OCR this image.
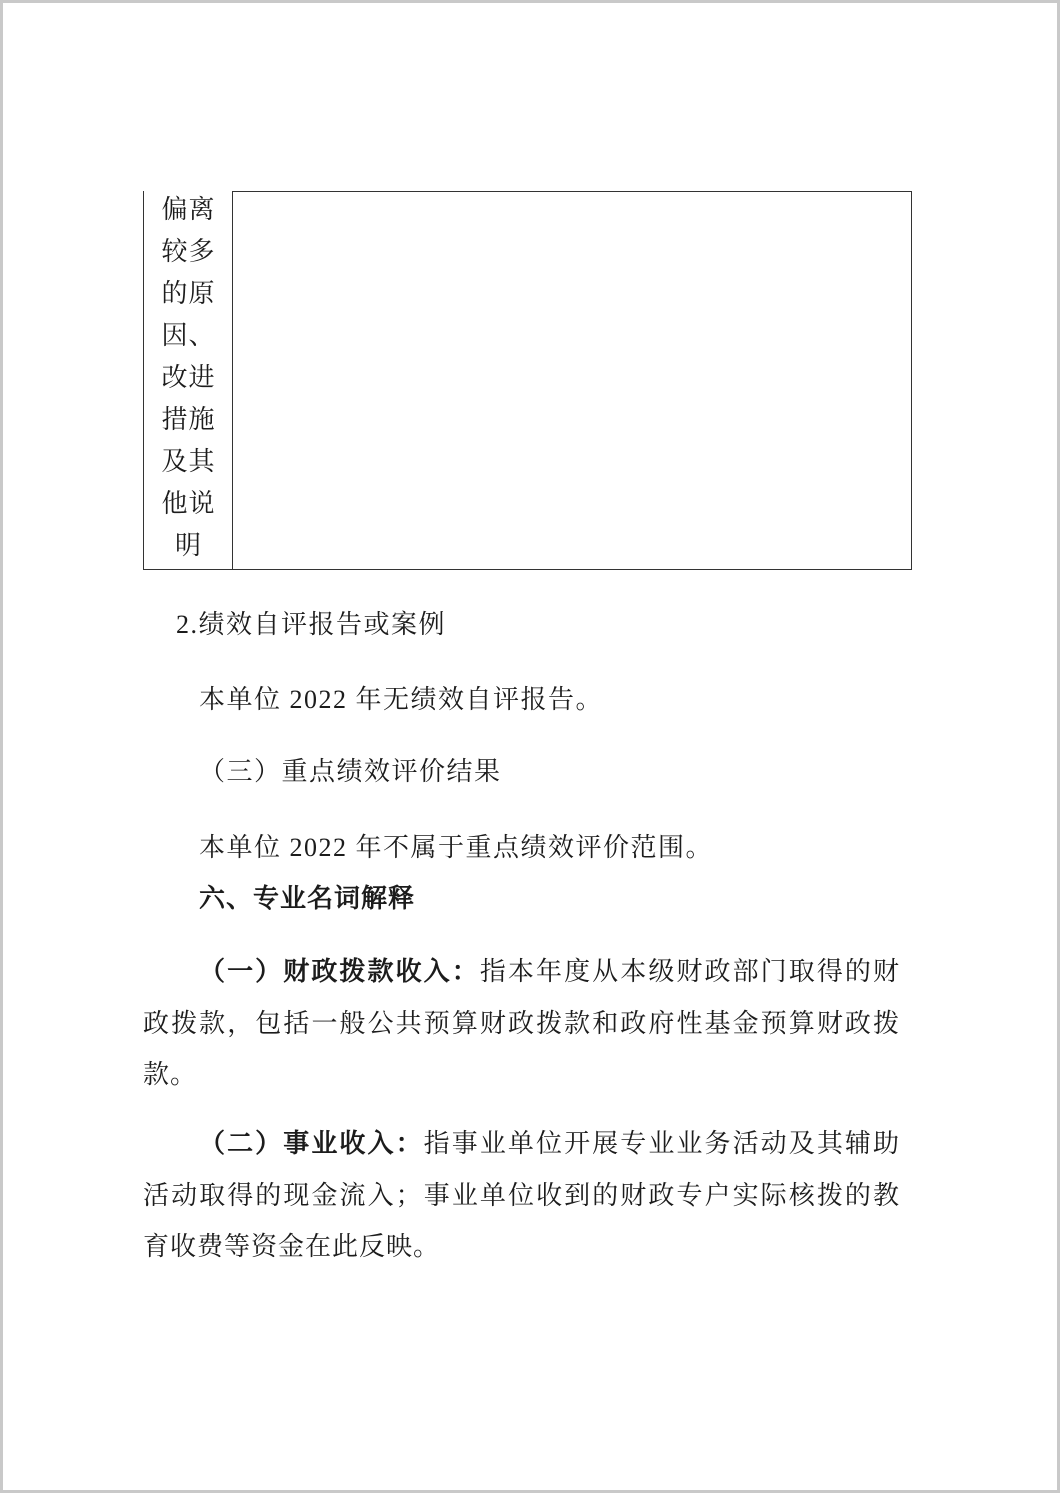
偏离
较多
的原
因、
改进
措施
及其
他说
明
2.绩效自评报告或案例
本单位 2022 年无绩效自评报告。
（三）重点绩效评价结果
本单位 2022 年不属于重点绩效评价范围。
六、专业名词解释
（一）财政拨款收入：指本年度从本级财政部门取得的财
政拨款，包括一般公共预算财政拨款和政府性基金预算财政拨
款。
（二）事业收入：指事业单位开展专业业务活动及其辅助
活动取得的现金流入；事业单位收到的财政专户实际核拨的教
育收费等资金在此反映。
